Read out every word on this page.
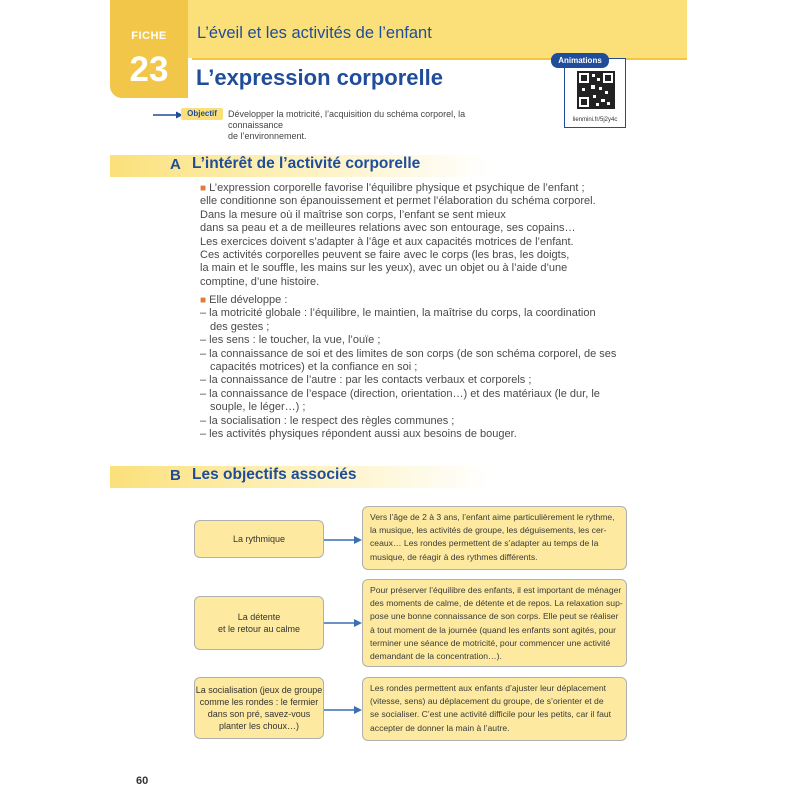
FICHE
23
L’éveil et les activités de l’enfant
L’expression corporelle
Animations
lienmini.fr/5j2y4c
Objectif	Développer la motricité, l’acquisition du schéma corporel, la connaissance
de l’environnement.
A L’intérêt de l’activité corporelle
■ L’expression corporelle favorise l’équilibre physique et psychique de l’enfant ;
elle conditionne son épanouissement et permet l’élaboration du schéma corporel.
Dans la mesure où il maîtrise son corps, l’enfant se sent mieux
dans sa peau et a de meilleures relations avec son entourage, ses copains…
Les exercices doivent s’adapter à l’âge et aux capacités motrices de l’enfant.
Ces activités corporelles peuvent se faire avec le corps (les bras, les doigts,
la main et le souffle, les mains sur les yeux), avec un objet ou à l’aide d’une
comptine, d’une histoire.
■ Elle développe :
– la motricité globale : l’équilibre, le maintien, la maîtrise du corps, la coordination
des gestes ;
– les sens : le toucher, la vue, l’ouïe ;
– la connaissance de soi et des limites de son corps (de son schéma corporel, de ses
capacités motrices) et la confiance en soi ;
– la connaissance de l’autre : par les contacts verbaux et corporels ;
– la connaissance de l’espace (direction, orientation…) et des matériaux (le dur, le
souple, le léger…) ;
– la socialisation : le respect des règles communes ;
– les activités physiques répondent aussi aux besoins de bouger.
B Les objectifs associés
La rythmique
Vers l’âge de 2 à 3 ans, l’enfant aime particulièrement le rythme,
la musique, les activités de groupe, les déguisements, les cer-
ceaux… Les rondes permettent de s’adapter au temps de la
musique, de réagir à des rythmes différents.
La détente
et le retour au calme
Pour préserver l’équilibre des enfants, il est important de ménager
des moments de calme, de détente et de repos. La relaxation sup-
pose une bonne connaissance de son corps. Elle peut se réaliser
à tout moment de la journée (quand les enfants sont agités, pour
terminer une séance de motricité, pour commencer une activité
demandant de la concentration…).
La socialisation (jeux de groupe
comme les rondes : le fermier
dans son pré, savez-vous
planter les choux…)
Les rondes permettent aux enfants d’ajuster leur déplacement
(vitesse, sens) au déplacement du groupe, de s’orienter et de
se socialiser. C’est une activité difficile pour les petits, car il faut
accepter de donner la main à l’autre.
60
